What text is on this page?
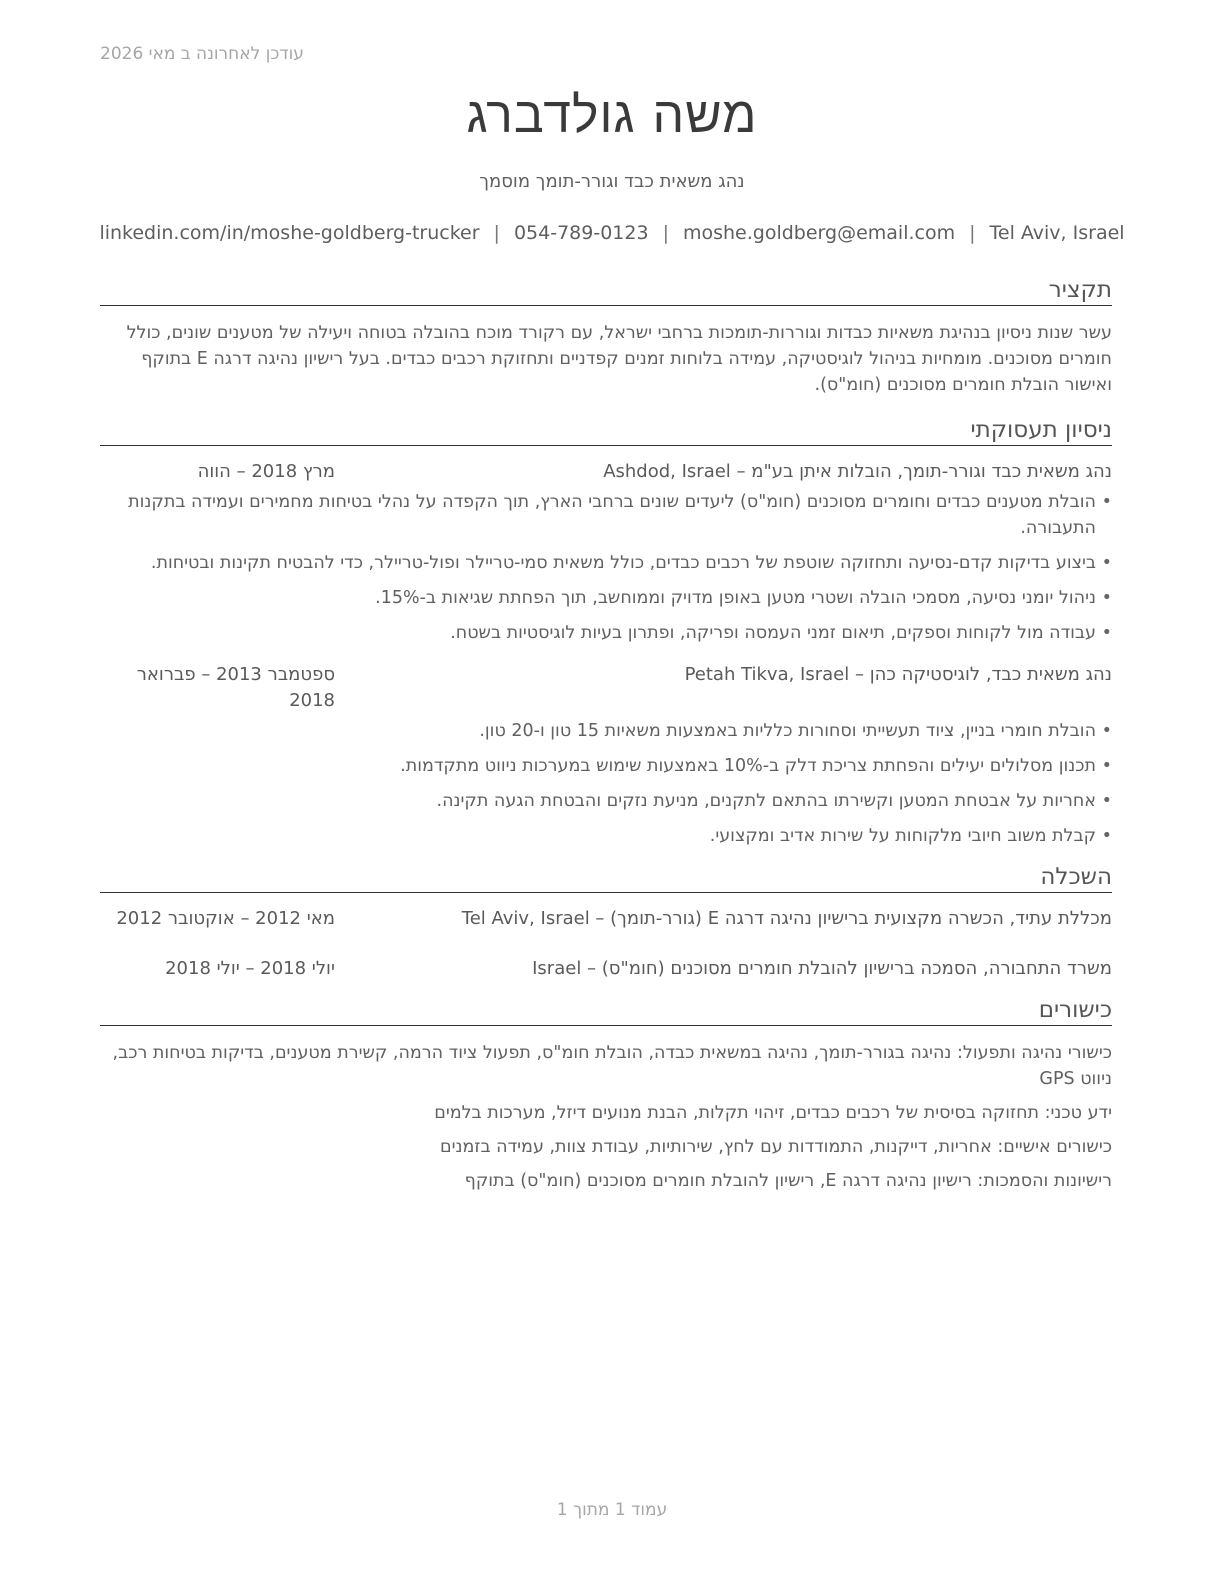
עודכן לאחרונה ב מאי 2026
משה גולדברג
נהג משאית כבד וגורר-תומך מוסמך
linkedin.com/in/moshe-goldberg-trucker | 054-789-0123 | moshe.goldberg@email.com | Tel Aviv, Israel
תקציר
עשר שנות ניסיון בנהיגת משאיות כבדות וגוררות-תומכות ברחבי ישראל, עם רקורד מוכח בהובלה בטוחה ויעילה של מטענים שונים, כולל חומרים מסוכנים. מומחיות בניהול לוגיסטיקה, עמידה בלוחות זמנים קפדניים ותחזוקת רכבים כבדים. בעל רישיון נהיגה דרגה E בתוקף ואישור הובלת חומרים מסוכנים (חומ"ס).
ניסיון תעסוקתי
נהג משאית כבד וגורר-תומך, הובלות איתן בע"מ – Ashdod, Israel
מרץ 2018 – הווה
• הובלת מטענים כבדים וחומרים מסוכנים (חומ"ס) ליעדים שונים ברחבי הארץ, תוך הקפדה על נהלי בטיחות מחמירים ועמידה בתקנות התעבורה.
• ביצוע בדיקות קדם-נסיעה ותחזוקה שוטפת של רכבים כבדים, כולל משאית סמי-טריילר ופול-טריילר, כדי להבטיח תקינות ובטיחות.
• ניהול יומני נסיעה, מסמכי הובלה ושטרי מטען באופן מדויק וממוחשב, תוך הפחתת שגיאות ב-15%.
• עבודה מול לקוחות וספקים, תיאום זמני העמסה ופריקה, ופתרון בעיות לוגיסטיות בשטח.
נהג משאית כבד, לוגיסטיקה כהן – Petah Tikva, Israel
ספטמבר 2013 – פברואר 2018
• הובלת חומרי בניין, ציוד תעשייתי וסחורות כלליות באמצעות משאיות 15 טון ו-20 טון.
• תכנון מסלולים יעילים והפחתת צריכת דלק ב-10% באמצעות שימוש במערכות ניווט מתקדמות.
• אחריות על אבטחת המטען וקשירתו בהתאם לתקנים, מניעת נזקים והבטחת הגעה תקינה.
• קבלת משוב חיובי מלקוחות על שירות אדיב ומקצועי.
השכלה
מכללת עתיד, הכשרה מקצועית ברישיון נהיגה דרגה E (גורר-תומך) – Tel Aviv, Israel
מאי 2012 – אוקטובר 2012
משרד התחבורה, הסמכה ברישיון להובלת חומרים מסוכנים (חומ"ס) – Israel
יולי 2018 – יולי 2018
כישורים
כישורי נהיגה ותפעול: נהיגה בגורר-תומך, נהיגה במשאית כבדה, הובלת חומ"ס, תפעול ציוד הרמה, קשירת מטענים, בדיקות בטיחות רכב, ניווט GPS
ידע טכני: תחזוקה בסיסית של רכבים כבדים, זיהוי תקלות, הבנת מנועים דיזל, מערכות בלמים
כישורים אישיים: אחריות, דייקנות, התמודדות עם לחץ, שירותיות, עבודת צוות, עמידה בזמנים
רישיונות והסמכות: רישיון נהיגה דרגה E, רישיון להובלת חומרים מסוכנים (חומ"ס) בתוקף
עמוד 1 מתוך 1
